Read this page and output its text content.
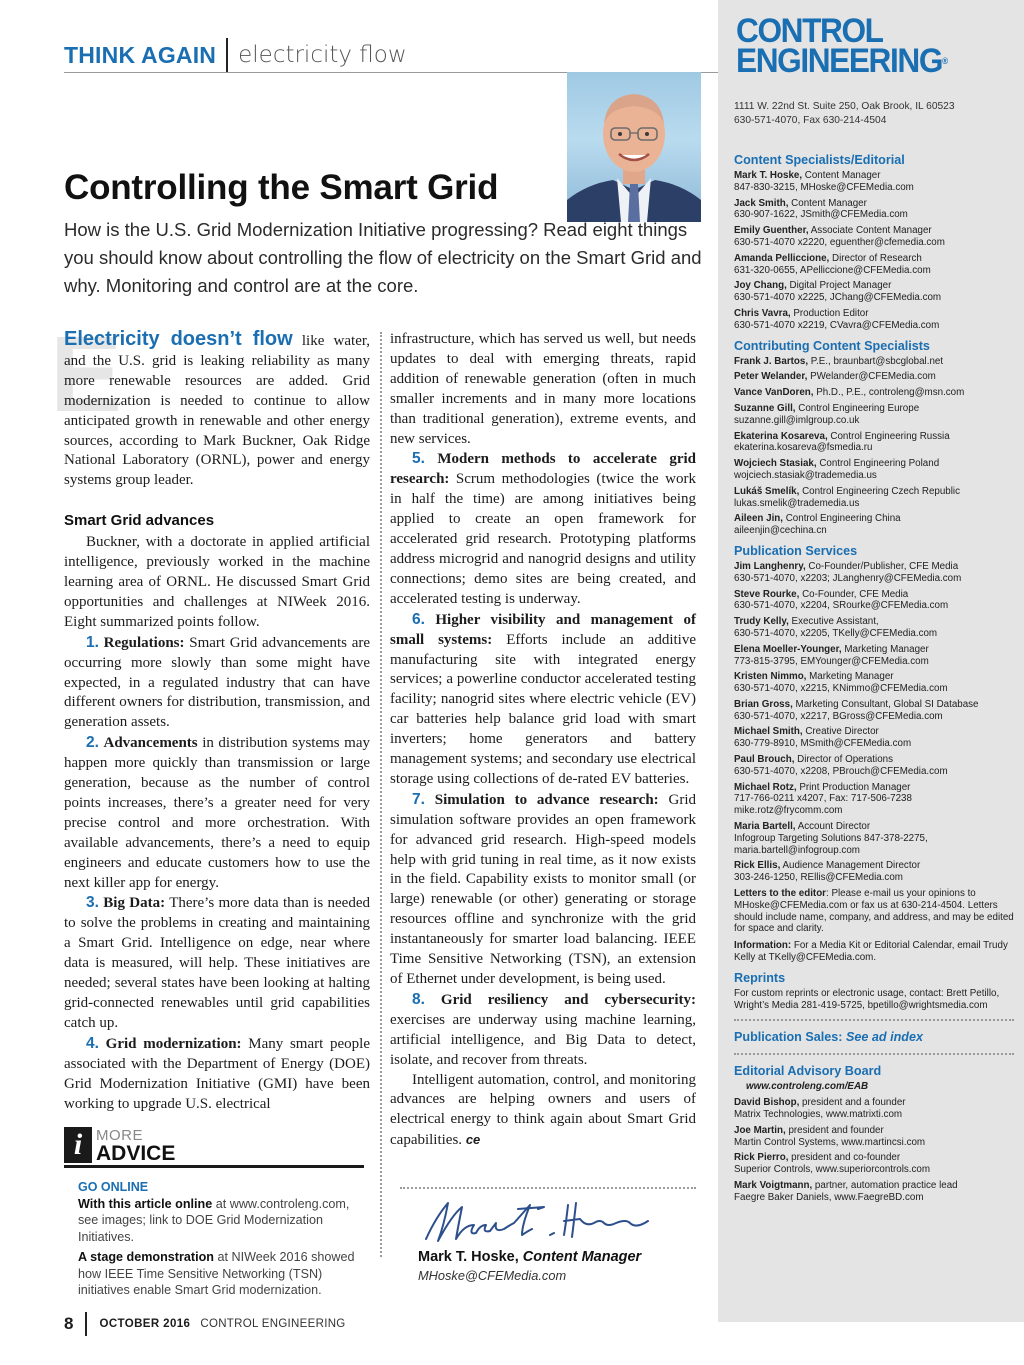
THINK AGAIN electricity flow
Controlling the Smart Grid

How is the U.S. Grid Modernization Initiative progressing? Read eight things you should know about controlling the flow of electricity on the Smart Grid and why. Monitoring and control are at the core.

E

Electricity doesn’t flow like water, and the U.S. grid is leaking reliability as many more renewable resources are added. Grid modernization is needed to continue to allow anticipated growth in renewable and other energy sources, according to Mark Buckner, Oak Ridge National Laboratory (ORNL), power and energy systems group leader.

Smart Grid advances

Buckner, with a doctorate in applied artificial intelligence, previously worked in the machine learning area of ORNL. He discussed Smart Grid opportunities and challenges at NIWeek 2016. Eight summarized points follow.

1. Regulations: Smart Grid advancements are occurring more slowly than some might have expected, in a regulated industry that can have different owners for distribution, transmission, and generation assets.

2. Advancements in distribution systems may happen more quickly than transmission or large generation, because as the number of control points increases, there’s a greater need for very precise control and more orchestration. With available advancements, there’s a need to equip engineers and educate customers how to use the next killer app for energy.

3. Big Data: There’s more data than is needed to solve the problems in creating and maintaining a Smart Grid. Intelligence on edge, near where data is measured, will help. These initiatives are needed; several states have been looking at halting grid-connected renewables until grid capabilities catch up.

4. Grid modernization: Many smart people associated with the Department of Energy (DOE) Grid Modernization Initiative (GMI) have been working to upgrade U.S. electrical

infrastructure, which has served us well, but needs updates to deal with emerging threats, rapid addition of renewable generation (often in much smaller increments and in many more locations than traditional generation), extreme events, and new services.

5. Modern methods to accelerate grid research: Scrum methodologies (twice the work in half the time) are among initiatives being applied to create an open framework for accelerated grid research. Prototyping platforms address microgrid and nanogrid designs and utility connections; demo sites are being created, and accelerated testing is underway.

6. Higher visibility and management of small systems: Efforts include an additive manufacturing site with integrated energy services; a powerline conductor accelerated testing facility; nanogrid sites where electric vehicle (EV) car batteries help balance grid load with smart inverters; home generators and battery management systems; and secondary use electrical storage using collections of de-rated EV batteries.

7. Simulation to advance research: Grid simulation software provides an open framework for advanced grid research. High-speed models help with grid tuning in real time, as it now exists in the field. Capability exists to monitor small (or large) renewable (or other) generating or storage resources offline and synchronize with the grid instantaneously for smarter load balancing. IEEE Time Sensitive Networking (TSN), an extension of Ethernet under development, is being used.

8. Grid resiliency and cybersecurity: exercises are underway using machine learning, artificial intelligence, and Big Data to detect, isolate, and recover from threats.

Intelligent automation, control, and monitoring advances are helping owners and users of electrical energy to think again about Smart Grid capabilities. ce

i MORE
ADVICE
GO ONLINE

With this article online at www.controleng.com, see images; link to DOE Grid Modernization Initiatives.

A stage demonstration at NIWeek 2016 showed how IEEE Time Sensitive Networking (TSN) initiatives enable Smart Grid modernization.

Mark T. Hoske, Content Manager
MHoske@CFEMedia.com
8 OCTOBER 2016 CONTROL ENGINEERING
CONTROL
ENGINEERING®
1111 W. 22nd St. Suite 250, Oak Brook, IL 60523
630-571-4070, Fax 630-214-4504
Content Specialists/Editorial
Mark T. Hoske, Content Manager
847-830-3215, MHoske@CFEMedia.com
Jack Smith, Content Manager
630-907-1622, JSmith@CFEMedia.com
Emily Guenther, Associate Content Manager
630-571-4070 x2220, eguenther@cfemedia.com
Amanda Pelliccione, Director of Research
631-320-0655, APelliccione@CFEMedia.com
Joy Chang, Digital Project Manager
630-571-4070 x2225, JChang@CFEMedia.com
Chris Vavra, Production Editor
630-571-4070 x2219, CVavra@CFEMedia.com
Contributing Content Specialists
Frank J. Bartos, P.E., braunbart@sbcglobal.net
Peter Welander, PWelander@CFEMedia.com
Vance VanDoren, Ph.D., P.E., controleng@msn.com
Suzanne Gill, Control Engineering Europe
suzanne.gill@imlgroup.co.uk
Ekaterina Kosareva, Control Engineering Russia
ekaterina.kosareva@fsmedia.ru
Wojciech Stasiak, Control Engineering Poland
wojciech.stasiak@trademedia.us
Lukáš Smelík, Control Engineering Czech Republic
lukas.smelik@trademedia.us
Aileen Jin, Control Engineering China
aileenjin@cechina.cn
Publication Services
Jim Langhenry, Co-Founder/Publisher, CFE Media
630-571-4070, x2203; JLanghenry@CFEMedia.com
Steve Rourke, Co-Founder, CFE Media
630-571-4070, x2204, SRourke@CFEMedia.com
Trudy Kelly, Executive Assistant,
630-571-4070, x2205, TKelly@CFEMedia.com
Elena Moeller-Younger, Marketing Manager
773-815-3795, EMYounger@CFEMedia.com
Kristen Nimmo, Marketing Manager
630-571-4070, x2215, KNimmo@CFEMedia.com
Brian Gross, Marketing Consultant, Global SI Database
630-571-4070, x2217, BGross@CFEMedia.com
Michael Smith, Creative Director
630-779-8910, MSmith@CFEMedia.com
Paul Brouch, Director of Operations
630-571-4070, x2208, PBrouch@CFEMedia.com
Michael Rotz, Print Production Manager
717-766-0211 x4207, Fax: 717-506-7238 mike.rotz@frycomm.com
Maria Bartell, Account Director
Infogroup Targeting Solutions 847-378-2275, maria.bartell@infogroup.com
Rick Ellis, Audience Management Director
303-246-1250, REllis@CFEMedia.com
Letters to the editor: Please e-mail us your opinions to MHoske@CFEMedia.com or fax us at 630-214-4504. Letters should include name, company, and address, and may be edited for space and clarity.
Information: For a Media Kit or Editorial Calendar, email Trudy Kelly at TKelly@CFEMedia.com.
Reprints
For custom reprints or electronic usage, contact: Brett Petillo, Wright’s Media 281-419-5725, bpetillo@wrightsmedia.com
Publication Sales: See ad index
Editorial Advisory Board
www.controleng.com/EAB
David Bishop, president and a founder
Matrix Technologies, www.matrixti.com
Joe Martin, president and founder
Martin Control Systems, www.martincsi.com
Rick Pierro, president and co-founder
Superior Controls, www.superiorcontrols.com
Mark Voigtmann, partner, automation practice lead
Faegre Baker Daniels, www.FaegreBD.com
